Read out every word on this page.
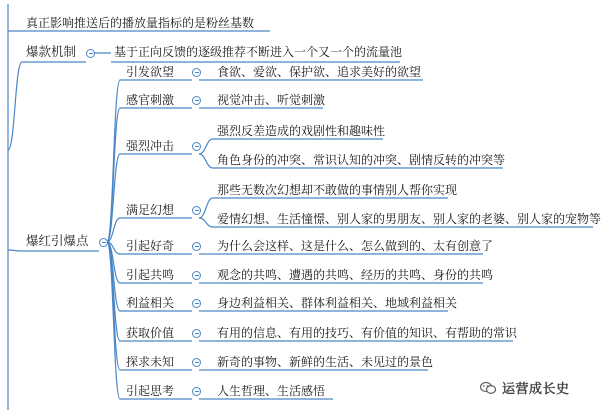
真正影响推送后的播放量指标的是粉丝基数
爆款机制	基于正向反馈的逐级推荐不断进入一个又一个的流量池
爆红引爆点
引发欲望	食欲、爱欲、保护欲、追求美好的欲望
感官刺激	视觉冲击、听觉刺激
强烈冲击
强烈反差造成的戏剧性和趣味性
角色身份的冲突、常识认知的冲突、剧情反转的冲突等
满足幻想
那些无数次幻想却不敢做的事情别人帮你实现
爱情幻想、生活憧憬、别人家的男朋友、别人家的老婆、别人家的宠物等
引起好奇	为什么会这样、这是什么、怎么做到的、太有创意了
引起共鸣	观念的共鸣、遭遇的共鸣、经历的共鸣、身份的共鸣
利益相关	身边利益相关、群体利益相关、地域利益相关
获取价值	有用的信息、有用的技巧、有价值的知识、有帮助的常识
探求未知	新奇的事物、新鲜的生活、未见过的景色
引起思考	人生哲理、生活感悟	运营成长史
